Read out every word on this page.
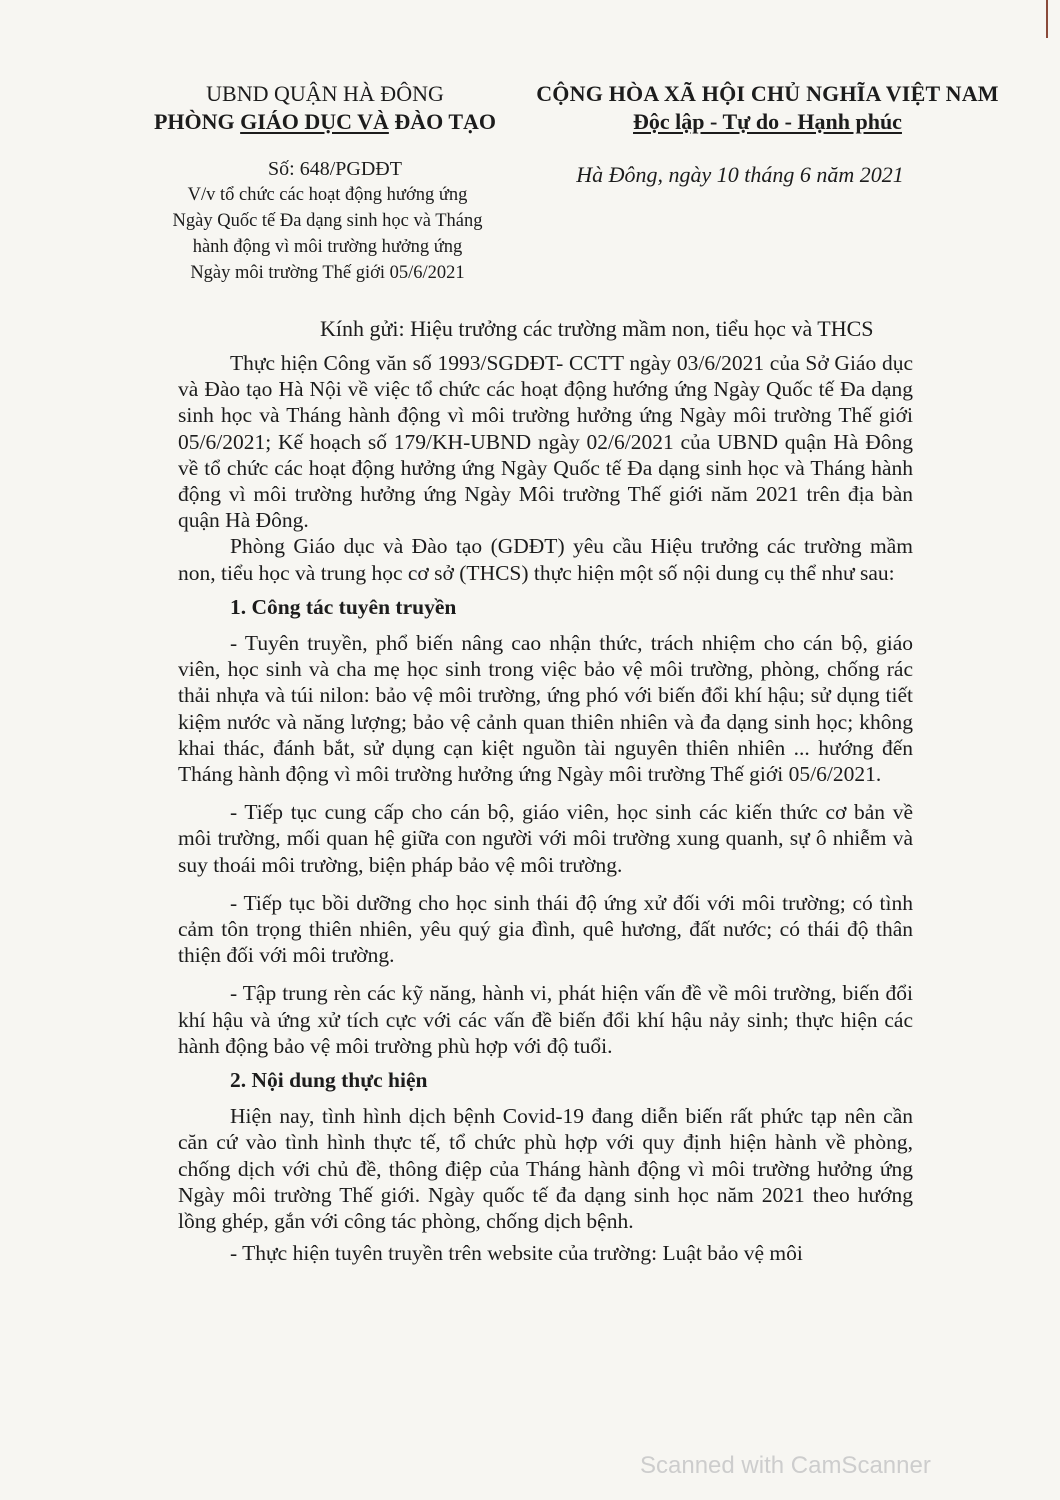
UBND QUẬN HÀ ĐÔNG
PHÒNG GIÁO DỤC VÀ ĐÀO TẠO
CỘNG HÒA XÃ HỘI CHỦ NGHĨA VIỆT NAM
Độc lập - Tự do - Hạnh phúc
Số: 648/PGDĐT
V/v tổ chức các hoạt động hướng ứng
Ngày Quốc tế Đa dạng sinh học và Tháng
hành động vì môi trường hưởng ứng
Ngày môi trường Thế giới 05/6/2021
Hà Đông, ngày 10 tháng 6 năm 2021
Kính gửi: Hiệu trưởng các trường mầm non, tiểu học và THCS

Thực hiện Công văn số 1993/SGDĐT- CCTT ngày 03/6/2021 của Sở Giáo dục và Đào tạo Hà Nội về việc tổ chức các hoạt động hướng ứng Ngày Quốc tế Đa dạng sinh học và Tháng hành động vì môi trường hưởng ứng Ngày môi trường Thế giới 05/6/2021; Kế hoạch số 179/KH-UBND ngày 02/6/2021 của UBND quận Hà Đông về tổ chức các hoạt động hưởng ứng Ngày Quốc tế Đa dạng sinh học và Tháng hành động vì môi trường hưởng ứng Ngày Môi trường Thế giới năm 2021 trên địa bàn quận Hà Đông.

Phòng Giáo dục và Đào tạo (GDĐT) yêu cầu Hiệu trưởng các trường mầm non, tiểu học và trung học cơ sở (THCS) thực hiện một số nội dung cụ thể như sau:

1. Công tác tuyên truyền

- Tuyên truyền, phổ biến nâng cao nhận thức, trách nhiệm cho cán bộ, giáo viên, học sinh và cha mẹ học sinh trong việc bảo vệ môi trường, phòng, chống rác thải nhựa và túi nilon: bảo vệ môi trường, ứng phó với biến đổi khí hậu; sử dụng tiết kiệm nước và năng lượng; bảo vệ cảnh quan thiên nhiên và đa dạng sinh học; không khai thác, đánh bắt, sử dụng cạn kiệt nguồn tài nguyên thiên nhiên ... hướng đến Tháng hành động vì môi trường hưởng ứng Ngày môi trường Thế giới 05/6/2021.

- Tiếp tục cung cấp cho cán bộ, giáo viên, học sinh các kiến thức cơ bản về môi trường, mối quan hệ giữa con người với môi trường xung quanh, sự ô nhiễm và suy thoái môi trường, biện pháp bảo vệ môi trường.

- Tiếp tục bồi dưỡng cho học sinh thái độ ứng xử đối với môi trường; có tình cảm tôn trọng thiên nhiên, yêu quý gia đình, quê hương, đất nước; có thái độ thân thiện đối với môi trường.

- Tập trung rèn các kỹ năng, hành vi, phát hiện vấn đề về môi trường, biến đổi khí hậu và ứng xử tích cực với các vấn đề biến đổi khí hậu nảy sinh; thực hiện các hành động bảo vệ môi trường phù hợp với độ tuổi.

2. Nội dung thực hiện

Hiện nay, tình hình dịch bệnh Covid-19 đang diễn biến rất phức tạp nên cần căn cứ vào tình hình thực tế, tổ chức phù hợp với quy định hiện hành về phòng, chống dịch với chủ đề, thông điệp của Tháng hành động vì môi trường hưởng ứng Ngày môi trường Thế giới. Ngày quốc tế đa dạng sinh học năm 2021 theo hướng lồng ghép, gắn với công tác phòng, chống dịch bệnh.

- Thực hiện tuyên truyền trên website của trường: Luật bảo vệ môi

Scanned with CamScanner
